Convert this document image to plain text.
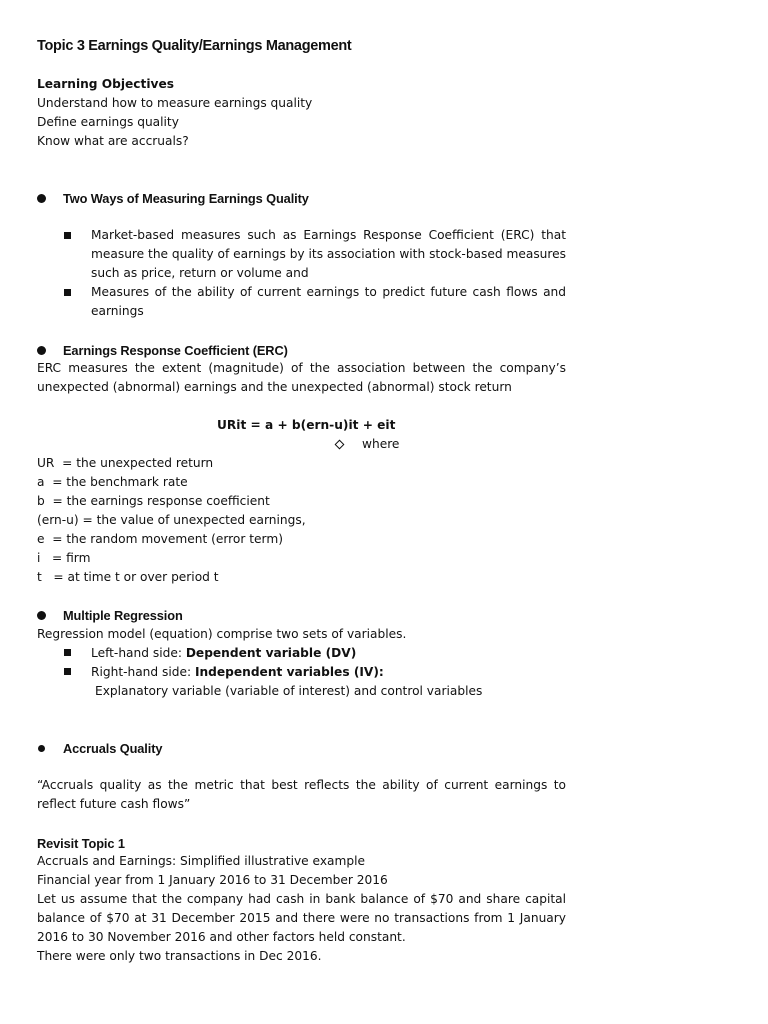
Topic 3 Earnings Quality/Earnings Management
Learning Objectives
Understand how to measure earnings quality
Define earnings quality
Know what are accruals?
Two Ways of Measuring Earnings Quality
Market-based measures such as Earnings Response Coefficient (ERC) that measure the quality of earnings by its association with stock-based measures such as price, return or volume and
Measures of the ability of current earnings to predict future cash flows and earnings
Earnings Response Coefficient (ERC)
ERC measures the extent (magnitude) of the association between the company’s unexpected (abnormal) earnings and the unexpected (abnormal) stock return
URit = a + b(ern-u)it + eit
where
UR  = the unexpected return
a  = the benchmark rate
b  = the earnings response coefficient
(ern-u) = the value of unexpected earnings,
e  = the random movement (error term)
i   = firm
t   = at time t or over period t
Multiple Regression
Regression model (equation) comprise two sets of variables.
Left-hand side: Dependent variable (DV)
Right-hand side: Independent variables (IV):
Explanatory variable (variable of interest) and control variables
Accruals Quality
“Accruals quality as the metric that best reflects the ability of current earnings to reflect future cash flows”
Revisit Topic 1
Accruals and Earnings: Simplified illustrative example
Financial year from 1 January 2016 to 31 December 2016
Let us assume that the company had cash in bank balance of $70 and share capital balance of $70 at 31 December 2015 and there were no transactions from 1 January 2016 to 30 November 2016 and other factors held constant.
There were only two transactions in Dec 2016.
